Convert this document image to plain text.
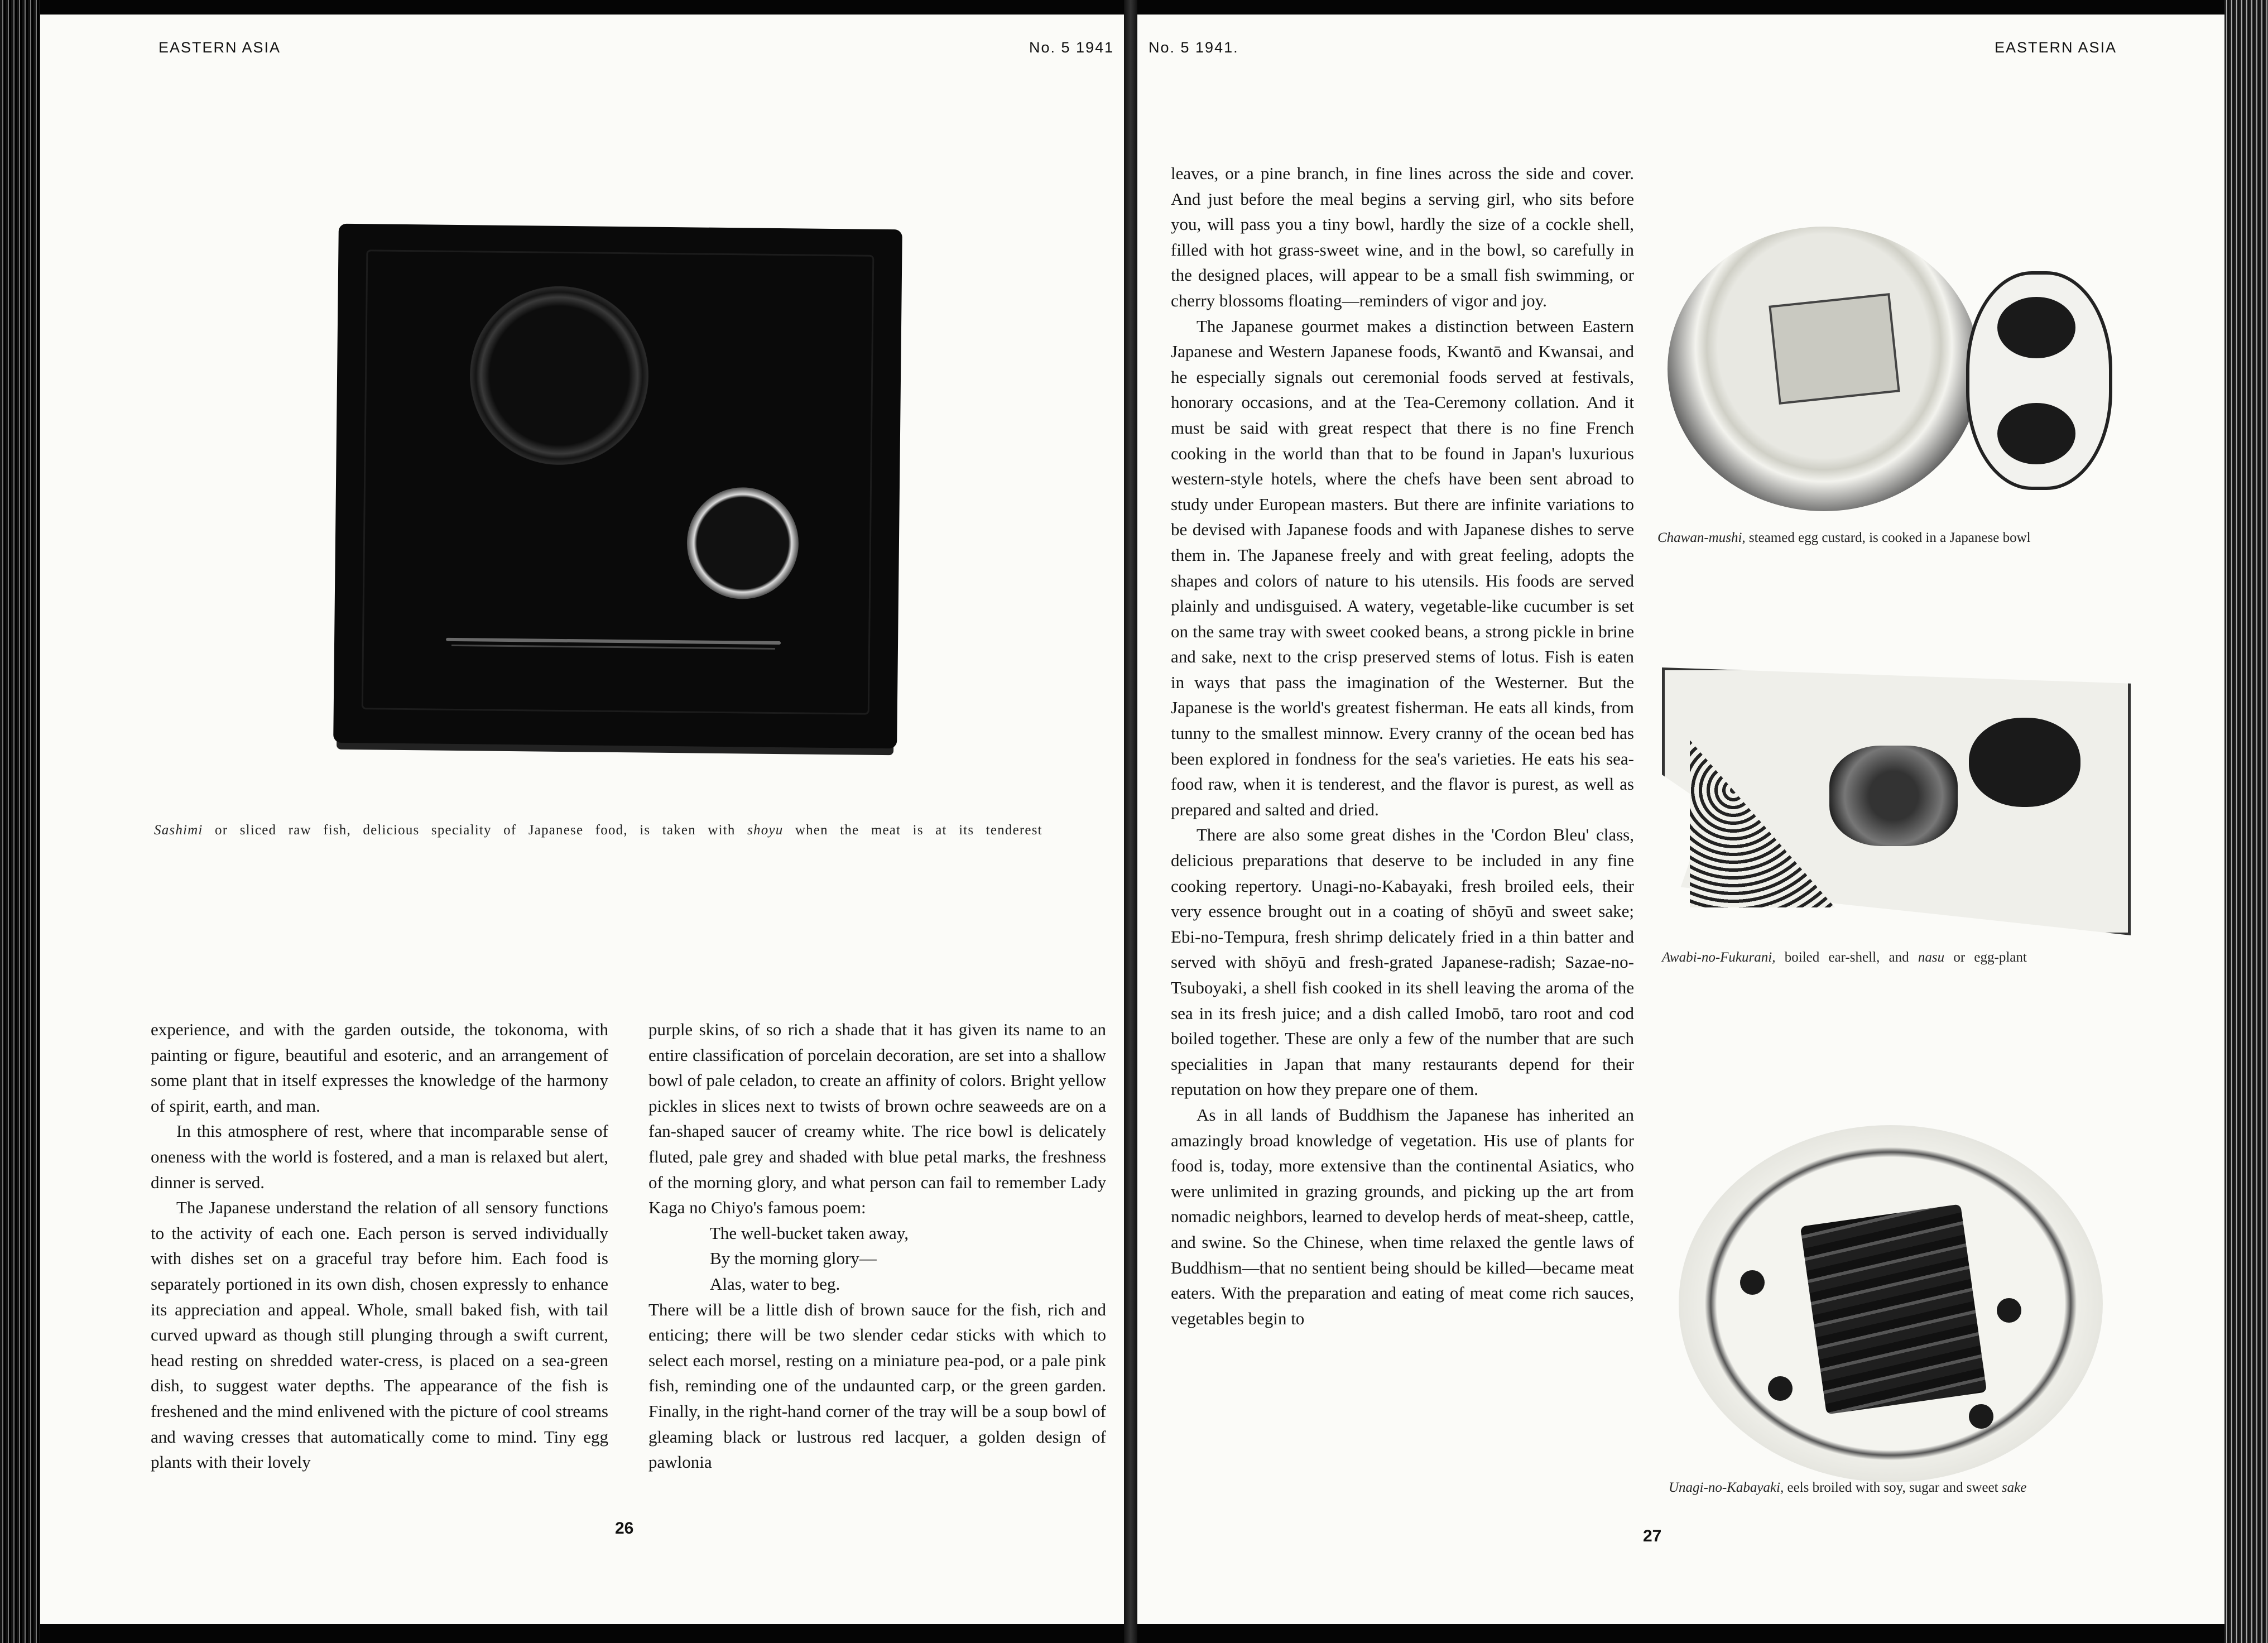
EASTERN ASIA	No. 5 1941
Sashimi or sliced raw fish, delicious speciality of Japanese food, is taken with shoyu when the meat is at its tenderest

experience, and with the garden outside, the tokonoma, with painting or figure, beautiful and esoteric, and an arrangement of some plant that in itself expresses the knowledge of the harmony of spirit, earth, and man.

In this atmosphere of rest, where that incomparable sense of oneness with the world is fostered, and a man is relaxed but alert, dinner is served.

The Japanese understand the relation of all sensory functions to the activity of each one. Each person is served individually with dishes set on a graceful tray before him. Each food is separately portioned in its own dish, chosen expressly to enhance its appreciation and appeal. Whole, small baked fish, with tail curved upward as though still plunging through a swift current, head resting on shredded water-cress, is placed on a sea-green dish, to suggest water depths. The appearance of the fish is freshened and the mind enlivened with the picture of cool streams and waving cresses that automatically come to mind. Tiny egg plants with their lovely

purple skins, of so rich a shade that it has given its name to an entire classification of porcelain decoration, are set into a shallow bowl of pale celadon, to create an affinity of colors. Bright yellow pickles in slices next to twists of brown ochre seaweeds are on a fan-shaped saucer of creamy white. The rice bowl is delicately fluted, pale grey and shaded with blue petal marks, the freshness of the morning glory, and what person can fail to remember Lady Kaga no Chiyo's famous poem:

The well-bucket taken away,
By the morning glory—
Alas, water to beg.

There will be a little dish of brown sauce for the fish, rich and enticing; there will be two slender cedar sticks with which to select each morsel, resting on a miniature pea-pod, or a pale pink fish, reminding one of the undaunted carp, or the green garden. Finally, in the right-hand corner of the tray will be a soup bowl of gleaming black or lustrous red lacquer, a golden design of pawlonia

26
No. 5 1941.	EASTERN ASIA

leaves, or a pine branch, in fine lines across the side and cover. And just before the meal begins a serving girl, who sits before you, will pass you a tiny bowl, hardly the size of a cockle shell, filled with hot grass-sweet wine, and in the bowl, so carefully in the designed places, will appear to be a small fish swimming, or cherry blossoms floating—reminders of vigor and joy.

The Japanese gourmet makes a distinction between Eastern Japanese and Western Japanese foods, Kwantō and Kwansai, and he especially signals out ceremonial foods served at festivals, honorary occasions, and at the Tea-Ceremony collation. And it must be said with great respect that there is no fine French cooking in the world than that to be found in Japan's luxurious western-style hotels, where the chefs have been sent abroad to study under European masters. But there are infinite variations to be devised with Japanese foods and with Japanese dishes to serve them in. The Japanese freely and with great feeling, adopts the shapes and colors of nature to his utensils. His foods are served plainly and undisguised. A watery, vegetable-like cucumber is set on the same tray with sweet cooked beans, a strong pickle in brine and sake, next to the crisp preserved stems of lotus. Fish is eaten in ways that pass the imagination of the Westerner. But the Japanese is the world's greatest fisherman. He eats all kinds, from tunny to the smallest minnow. Every cranny of the ocean bed has been explored in fondness for the sea's varieties. He eats his sea-food raw, when it is tenderest, and the flavor is purest, as well as prepared and salted and dried.

There are also some great dishes in the 'Cordon Bleu' class, delicious preparations that deserve to be included in any fine cooking repertory. Unagi-no-Kabayaki, fresh broiled eels, their very essence brought out in a coating of shōyū and sweet sake; Ebi-no-Tempura, fresh shrimp delicately fried in a thin batter and served with shōyū and fresh-grated Japanese-radish; Sazae-no-Tsuboyaki, a shell fish cooked in its shell leaving the aroma of the sea in its fresh juice; and a dish called Imobō, taro root and cod boiled together. These are only a few of the number that are such specialities in Japan that many restaurants depend for their reputation on how they prepare one of them.

As in all lands of Buddhism the Japanese has inherited an amazingly broad knowledge of vegetation. His use of plants for food is, today, more extensive than the continental Asiatics, who were unlimited in grazing grounds, and picking up the art from nomadic neighbors, learned to develop herds of meat-sheep, cattle, and swine. So the Chinese, when time relaxed the gentle laws of Buddhism—that no sentient being should be killed—became meat eaters. With the preparation and eating of meat come rich sauces, vegetables begin to

Chawan-mushi, steamed egg custard, is cooked in a Japanese bowl
Awabi-no-Fukurani, boiled ear-shell, and nasu or egg-plant
Unagi-no-Kabayaki, eels broiled with soy, sugar and sweet sake
27
